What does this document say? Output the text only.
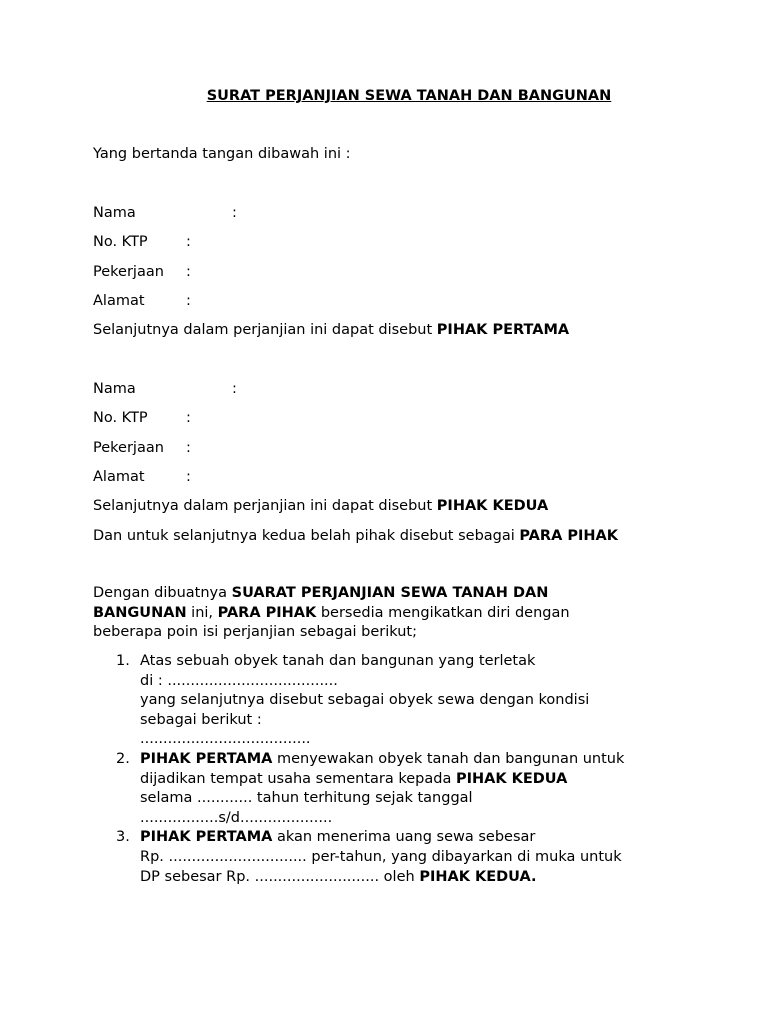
SURAT PERJANJIAN SEWA TANAH DAN BANGUNAN
Yang bertanda tangan dibawah ini :
Nama	:
No. KTP	:
Pekerjaan :
Alamat	:
Selanjutnya dalam perjanjian ini dapat disebut PIHAK PERTAMA
Nama	:
No. KTP	:
Pekerjaan :
Alamat	:
Selanjutnya dalam perjanjian ini dapat disebut PIHAK KEDUA
Dan untuk selanjutnya kedua belah pihak disebut sebagai PARA PIHAK
Dengan dibuatnya SUARAT PERJANJIAN SEWA TANAH DAN BANGUNAN ini, PARA PIHAK bersedia mengikatkan diri dengan beberapa poin isi perjanjian sebagai berikut;
1. Atas sebuah obyek tanah dan bangunan yang terletak
di : .....................................
yang selanjutnya disebut sebagai obyek sewa dengan kondisi
sebagai berikut :
.....................................
2. PIHAK PERTAMA menyewakan obyek tanah dan bangunan untuk
dijadikan tempat usaha sementara kepada PIHAK KEDUA
selama ............ tahun terhitung sejak tanggal
.................s/d....................
3. PIHAK PERTAMA akan menerima uang sewa sebesar
Rp. .............................. per-tahun, yang dibayarkan di muka untuk
DP sebesar Rp. ........................... oleh PIHAK KEDUA.
